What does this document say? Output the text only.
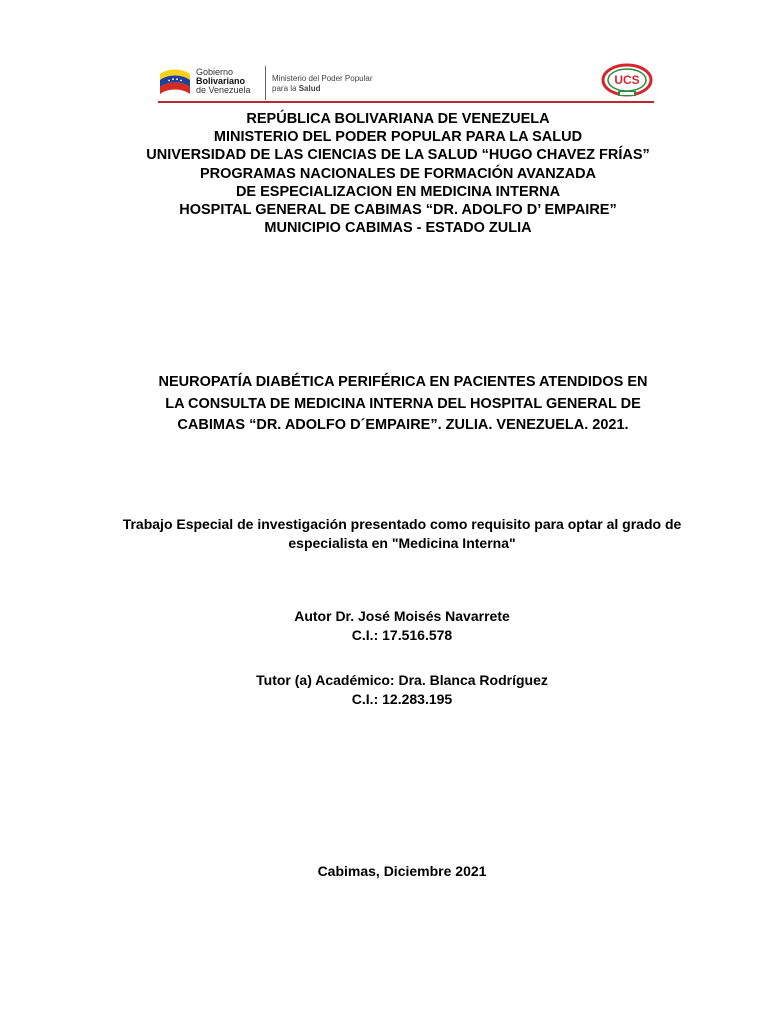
Gobierno
Bolivariano
de Venezuela
Ministerio del Poder Popular
para la Salud
UCS
REPÚBLICA BOLIVARIANA DE VENEZUELA
MINISTERIO DEL PODER POPULAR PARA LA SALUD
UNIVERSIDAD DE LAS CIENCIAS DE LA SALUD “HUGO CHAVEZ FRÍAS”
PROGRAMAS NACIONALES DE FORMACIÓN AVANZADA
DE ESPECIALIZACION EN MEDICINA INTERNA
HOSPITAL GENERAL DE CABIMAS “DR. ADOLFO D’ EMPAIRE”
MUNICIPIO CABIMAS - ESTADO ZULIA
NEUROPATÍA DIABÉTICA PERIFÉRICA EN PACIENTES ATENDIDOS EN
LA CONSULTA DE MEDICINA INTERNA DEL HOSPITAL GENERAL DE
CABIMAS “DR. ADOLFO D´EMPAIRE”. ZULIA. VENEZUELA. 2021.
Trabajo Especial de investigación presentado como requisito para optar al grado de
especialista en "Medicina Interna"
Autor Dr. José Moisés Navarrete
C.I.: 17.516.578
Tutor (a) Académico: Dra. Blanca Rodríguez
C.I.: 12.283.195
Cabimas, Diciembre 2021
